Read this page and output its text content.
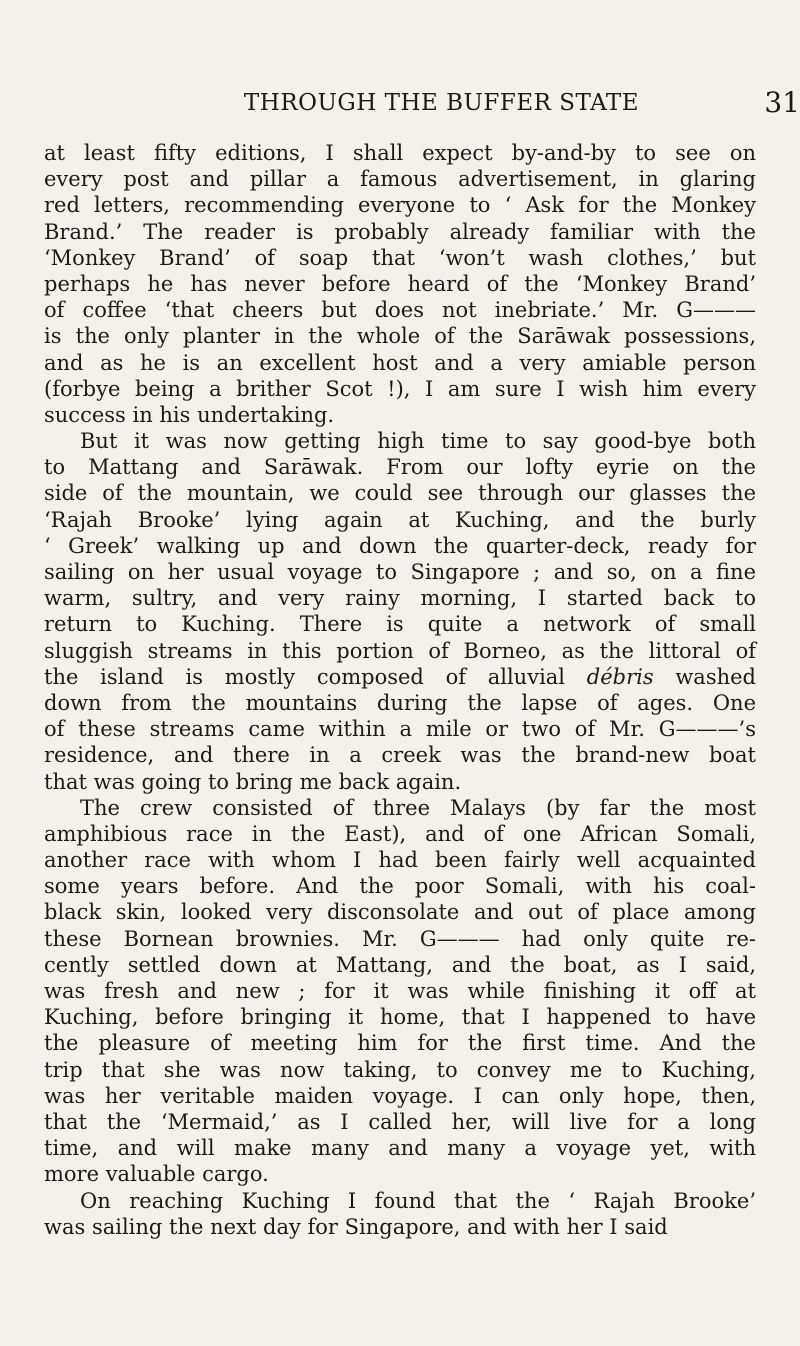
THROUGH THE BUFFER STATE	31
at least fifty editions, I shall expect by-and-by to see on
every post and pillar a famous advertisement, in glaring
red letters, recommending everyone to ‘ Ask for the Monkey
Brand.’ The reader is probably already familiar with the
‘Monkey Brand’ of soap that ‘won’t wash clothes,’ but
perhaps he has never before heard of the ‘Monkey Brand’
of coffee ‘that cheers but does not inebriate.’ Mr. G———
is the only planter in the whole of the Sarāwak possessions,
and as he is an excellent host and a very amiable person
(forbye being a brither Scot !), I am sure I wish him every
success in his undertaking.
But it was now getting high time to say good-bye both
to Mattang and Sarāwak. From our lofty eyrie on the
side of the mountain, we could see through our glasses the
‘Rajah Brooke’ lying again at Kuching, and the burly
‘ Greek’ walking up and down the quarter-deck, ready for
sailing on her usual voyage to Singapore ; and so, on a fine
warm, sultry, and very rainy morning, I started back to
return to Kuching. There is quite a network of small
sluggish streams in this portion of Borneo, as the littoral of
the island is mostly composed of alluvial débris washed
down from the mountains during the lapse of ages. One
of these streams came within a mile or two of Mr. G———’s
residence, and there in a creek was the brand-new boat
that was going to bring me back again.
The crew consisted of three Malays (by far the most
amphibious race in the East), and of one African Somali,
another race with whom I had been fairly well acquainted
some years before. And the poor Somali, with his coal-
black skin, looked very disconsolate and out of place among
these Bornean brownies. Mr. G——— had only quite re-
cently settled down at Mattang, and the boat, as I said,
was fresh and new ; for it was while finishing it off at
Kuching, before bringing it home, that I happened to have
the pleasure of meeting him for the first time. And the
trip that she was now taking, to convey me to Kuching,
was her veritable maiden voyage. I can only hope, then,
that the ‘Mermaid,’ as I called her, will live for a long
time, and will make many and many a voyage yet, with
more valuable cargo.
On reaching Kuching I found that the ‘ Rajah Brooke’
was sailing the next day for Singapore, and with her I said
